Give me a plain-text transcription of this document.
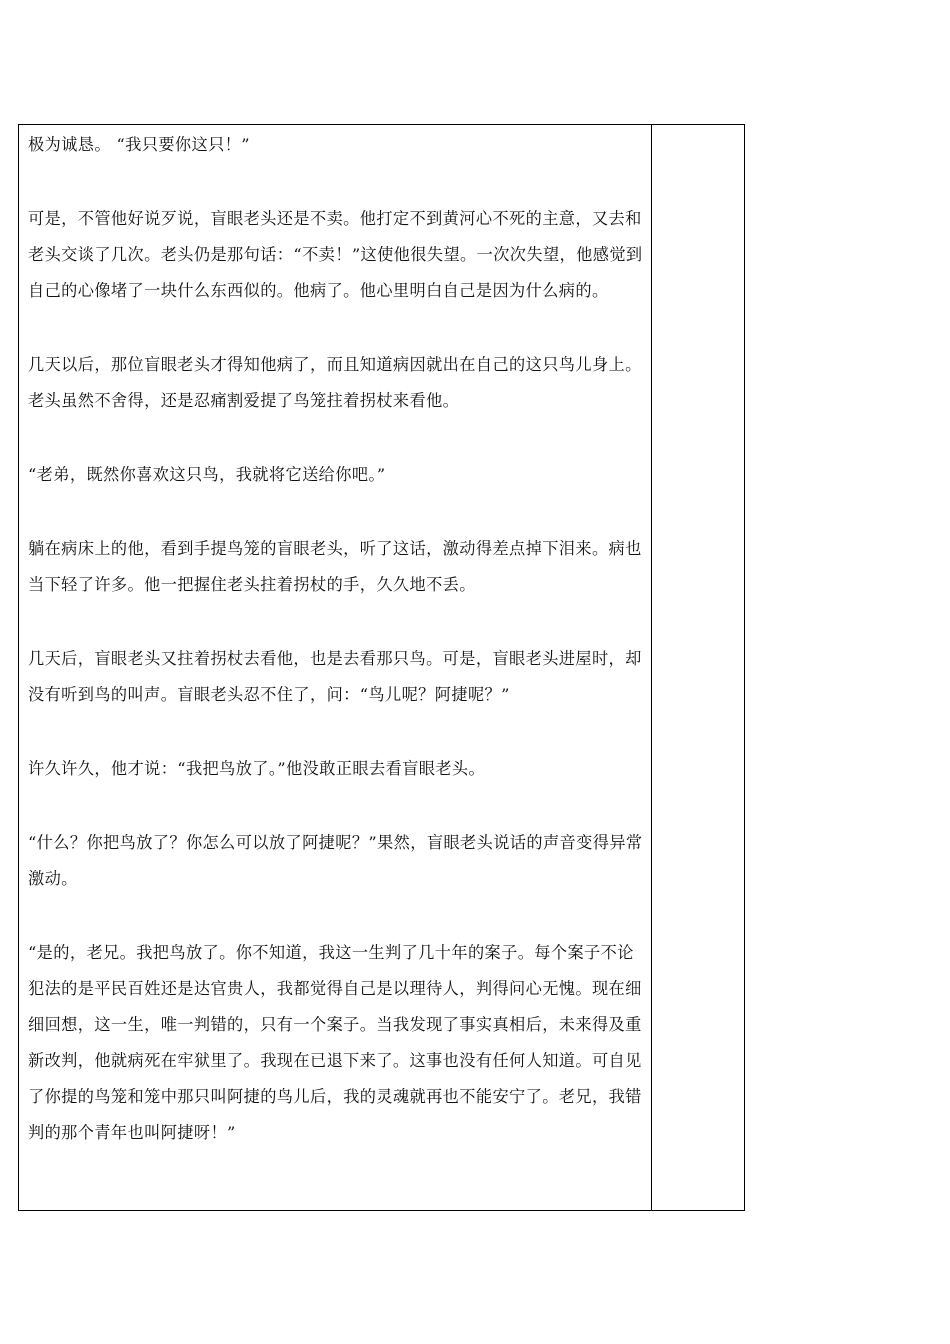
极为诚恳。 “我只要你这只！”

可是，不管他好说歹说，盲眼老头还是不卖。他打定不到黄河心不死的主意，又去和老头交谈了几次。老头仍是那句话：“不卖！”这使他很失望。一次次失望，他感觉到自己的心像堵了一块什么东西似的。他病了。他心里明白自己是因为什么病的。

几天以后，那位盲眼老头才得知他病了，而且知道病因就出在自己的这只鸟儿身上。老头虽然不舍得，还是忍痛割爱提了鸟笼拄着拐杖来看他。

“老弟，既然你喜欢这只鸟，我就将它送给你吧。”

躺在病床上的他，看到手提鸟笼的盲眼老头，听了这话，激动得差点掉下泪来。病也当下轻了许多。他一把握住老头拄着拐杖的手，久久地不丢。

几天后，盲眼老头又拄着拐杖去看他，也是去看那只鸟。可是，盲眼老头进屋时，却没有听到鸟的叫声。盲眼老头忍不住了，问：“鸟儿呢？阿捷呢？”

许久许久，他才说：“我把鸟放了。”他没敢正眼去看盲眼老头。

“什么？你把鸟放了？你怎么可以放了阿捷呢？”果然，盲眼老头说话的声音变得异常激动。

“是的，老兄。我把鸟放了。你不知道，我这一生判了几十年的案子。每个案子不论犯法的是平民百姓还是达官贵人，我都觉得自己是以理待人，判得问心无愧。现在细细回想，这一生，唯一判错的，只有一个案子。当我发现了事实真相后，未来得及重新改判，他就病死在牢狱里了。我现在已退下来了。这事也没有任何人知道。可自见了你提的鸟笼和笼中那只叫阿捷的鸟儿后，我的灵魂就再也不能安宁了。老兄，我错判的那个青年也叫阿捷呀！”
